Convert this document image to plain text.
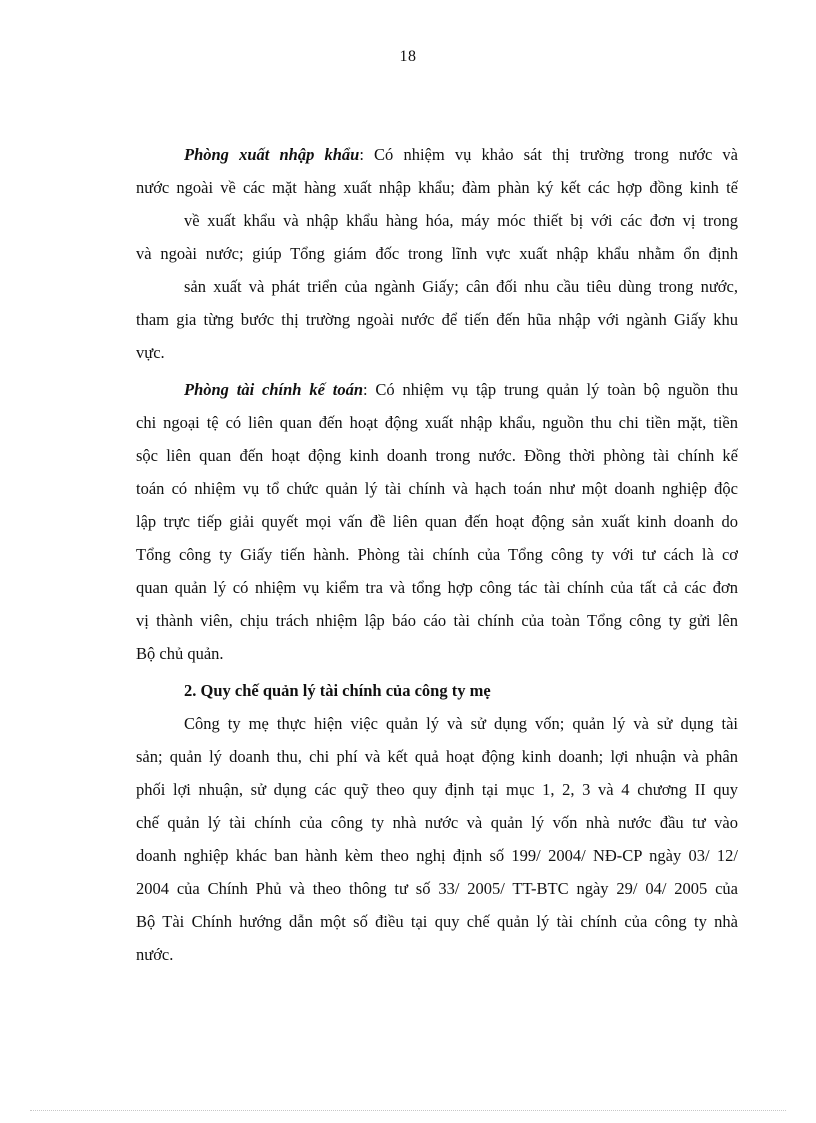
18
Phòng xuất nhập khẩu: Có nhiệm vụ khảo sát thị trường trong nước và
nước ngoài về các mặt hàng xuất nhập khẩu; đàm phàn ký kết các hợp đồng kinh tế
về xuất khẩu và nhập khẩu hàng hóa, máy móc thiết bị với các đơn vị trong
và ngoài nước; giúp Tổng giám đốc trong lĩnh vực xuất nhập khẩu nhằm ổn định
sản xuất và phát triển của ngành Giấy; cân đối nhu cầu tiêu dùng trong nước,
tham gia từng bước thị trường ngoài nước để tiến đến hũa nhập với ngành Giấy khu
vực.
Phòng tài chính kế toán: Có nhiệm vụ tập trung quản lý toàn bộ nguồn thu
chi ngoại tệ có liên quan đến hoạt động xuất nhập khẩu, nguồn thu chi tiền mặt, tiền
sộc liên quan đến hoạt động kinh doanh trong nước. Đồng thời phòng tài chính kế
toán có nhiệm vụ tổ chức quản lý tài chính và hạch toán như một doanh nghiệp độc
lập trực tiếp giải quyết mọi vấn đề liên quan đến hoạt động sản xuất kinh doanh do
Tổng công ty Giấy tiến hành. Phòng tài chính của Tổng công ty với tư cách là cơ
quan quản lý có nhiệm vụ kiểm tra và tổng hợp công tác tài chính của tất cả các đơn
vị thành viên, chịu trách nhiệm lập báo cáo tài chính của toàn Tổng công ty gửi lên
Bộ chủ quản.
2. Quy chế quản lý tài chính của công ty mẹ
Công ty mẹ thực hiện việc quản lý và sử dụng vốn; quản lý và sử dụng tài
sản; quản lý doanh thu, chi phí và kết quả hoạt động kinh doanh; lợi nhuận và phân
phối lợi nhuận, sử dụng các quỹ theo quy định tại mục 1, 2, 3 và 4 chương II quy
chế quản lý tài chính của công ty nhà nước và quản lý vốn nhà nước đầu tư vào
doanh nghiệp khác ban hành kèm theo nghị định số 199/ 2004/ NĐ-CP ngày 03/ 12/
2004 của Chính Phủ và theo thông tư số 33/ 2005/ TT-BTC ngày 29/ 04/ 2005 của
Bộ Tài Chính hướng dẫn một số điều tại quy chế quản lý tài chính của công ty nhà
nước.
